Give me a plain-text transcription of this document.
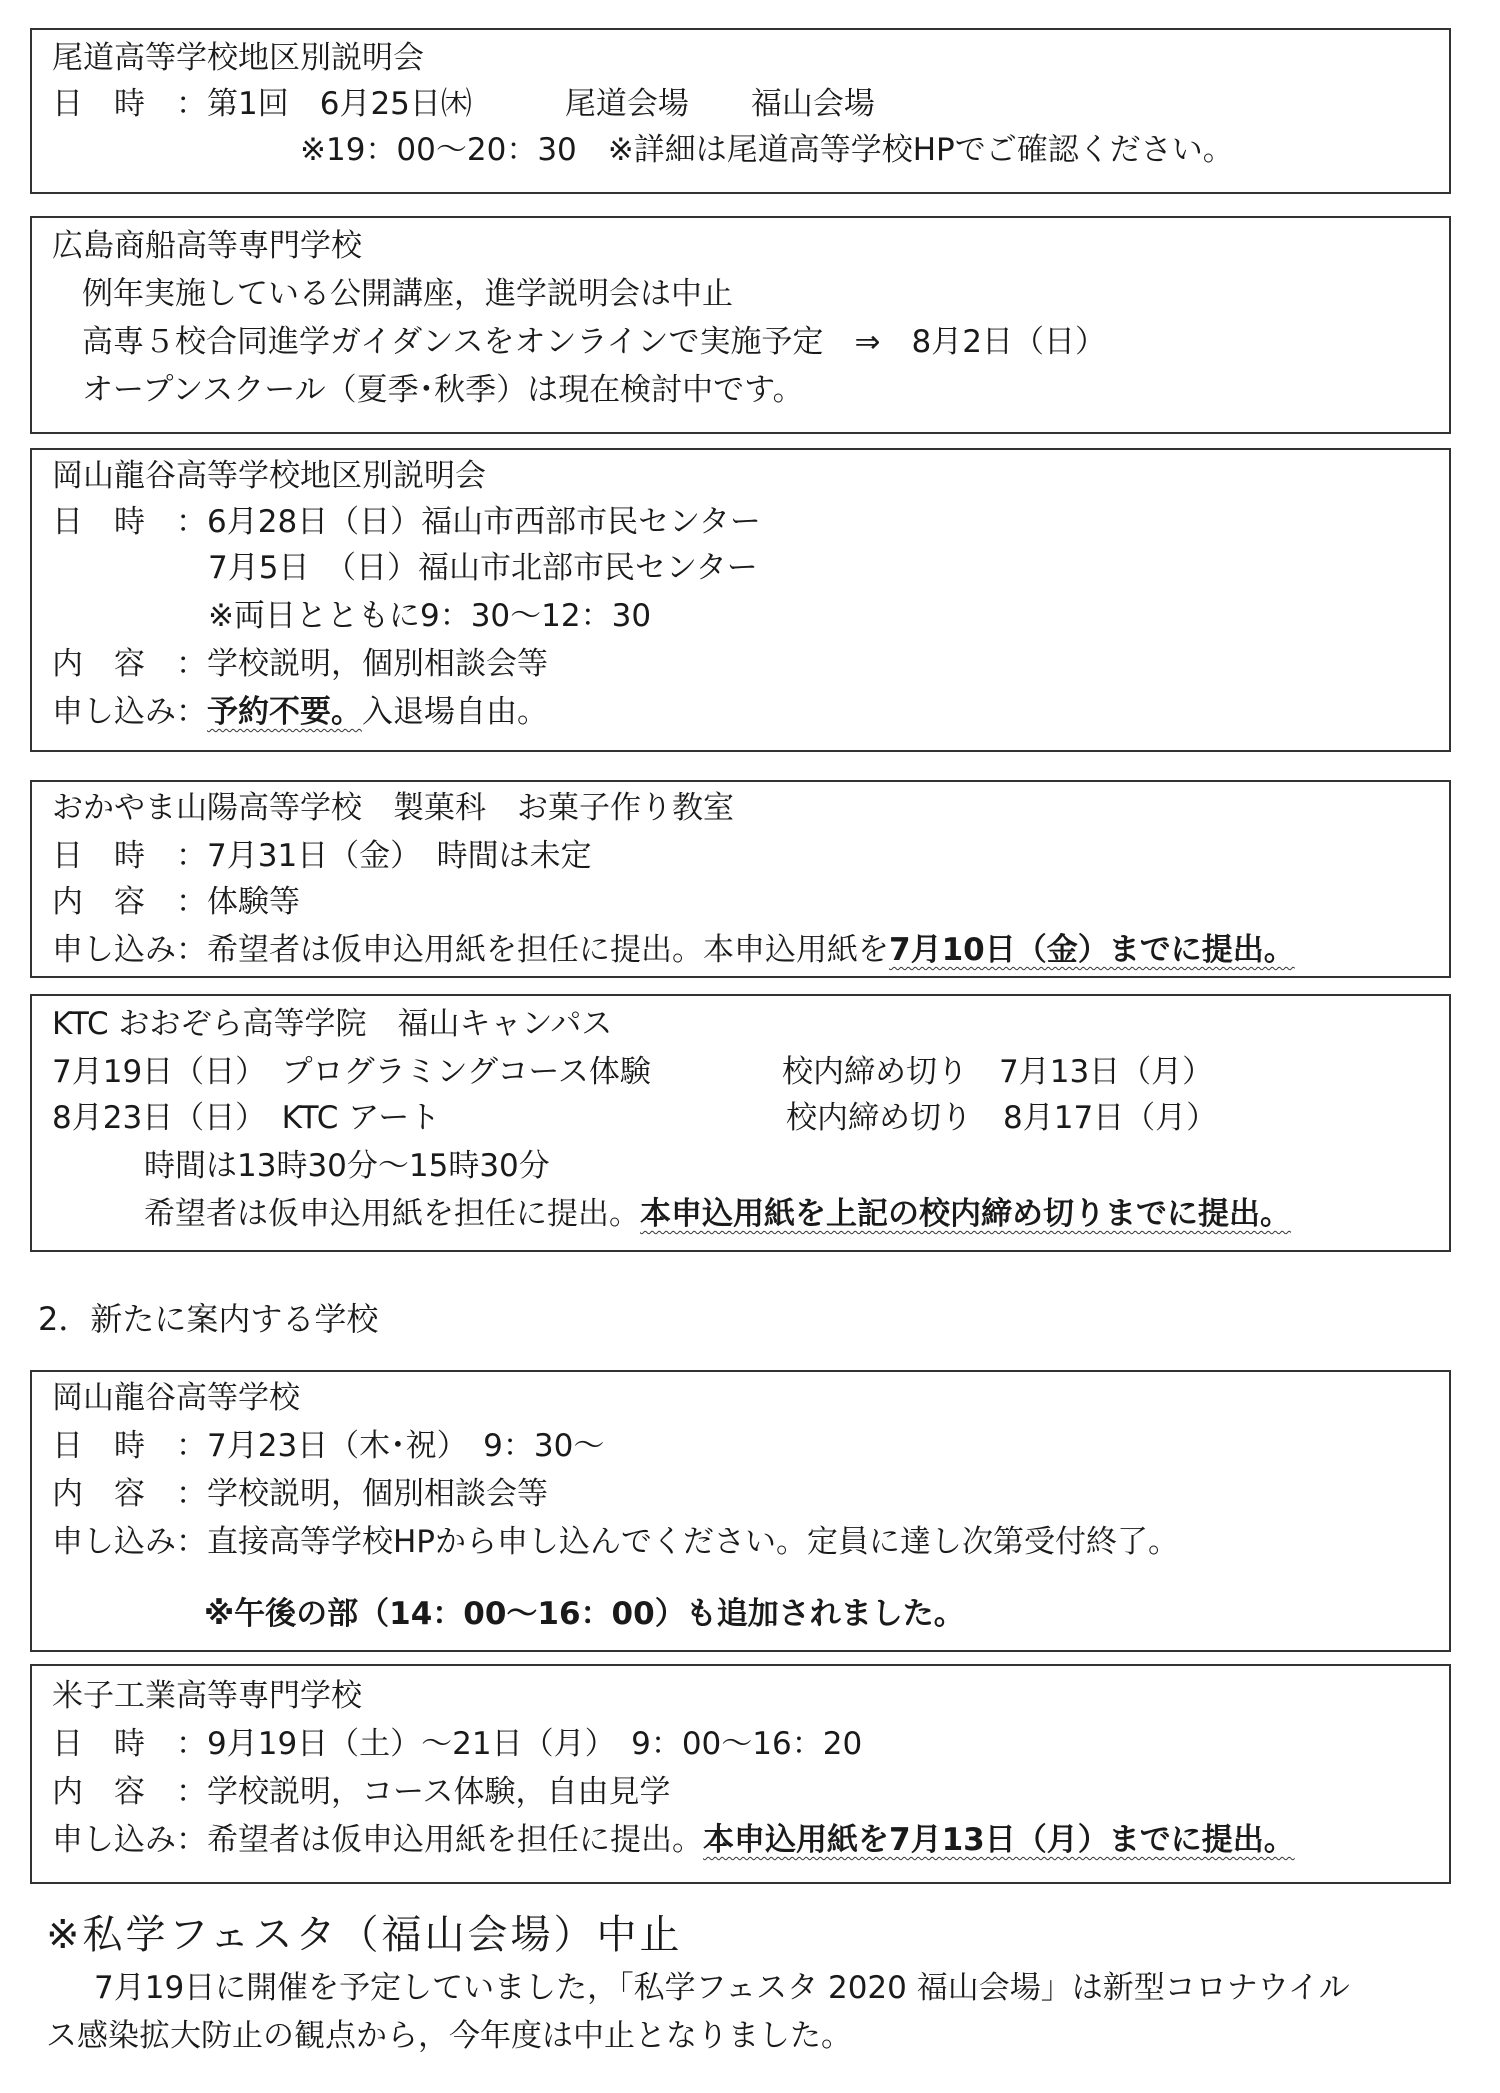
尾道高等学校地区別説明会
日　時　：第1回　6月25日㈭　　　尾道会場　　福山会場
※19：00～20：30　※詳細は尾道高等学校HPでご確認ください。
広島商船高等専門学校
例年実施している公開講座，進学説明会は中止
高専５校合同進学ガイダンスをオンラインで実施予定　⇒　8月2日（日）
オープンスクール（夏季･秋季）は現在検討中です。
岡山龍谷高等学校地区別説明会
日　時　：6月28日（日）福山市西部市民センター
7月5日　（日）福山市北部市民センター
※両日とともに9：30～12：30
内　容　：学校説明，個別相談会等
申し込み：予約不要。入退場自由。
おかやま山陽高等学校　製菓科　お菓子作り教室
日　時　：7月31日（金）　時間は未定
内　容　：体験等
申し込み：希望者は仮申込用紙を担任に提出。本申込用紙を7月10日（金）までに提出。
KTC おおぞら高等学院　福山キャンパス
7月19日（日）　プログラミングコース体験	校内締め切り　7月13日（月）
8月23日（日）　KTC アート	校内締め切り　8月17日（月）
時間は13時30分～15時30分
希望者は仮申込用紙を担任に提出。本申込用紙を上記の校内締め切りまでに提出。
2．新たに案内する学校
岡山龍谷高等学校
日　時　：7月23日（木･祝）　9：30～
内　容　：学校説明，個別相談会等
申し込み：直接高等学校HPから申し込んでください。定員に達し次第受付終了。
※午後の部（14：00～16：00）も追加されました。
米子工業高等専門学校
日　時　：9月19日（土）～21日（月）　9：00～16：20
内　容　：学校説明，コース体験，自由見学
申し込み：希望者は仮申込用紙を担任に提出。本申込用紙を7月13日（月）までに提出。
※私学フェスタ（福山会場）中止
7月19日に開催を予定していました，「私学フェスタ 2020 福山会場」は新型コロナウイル
ス感染拡大防止の観点から，今年度は中止となりました。
